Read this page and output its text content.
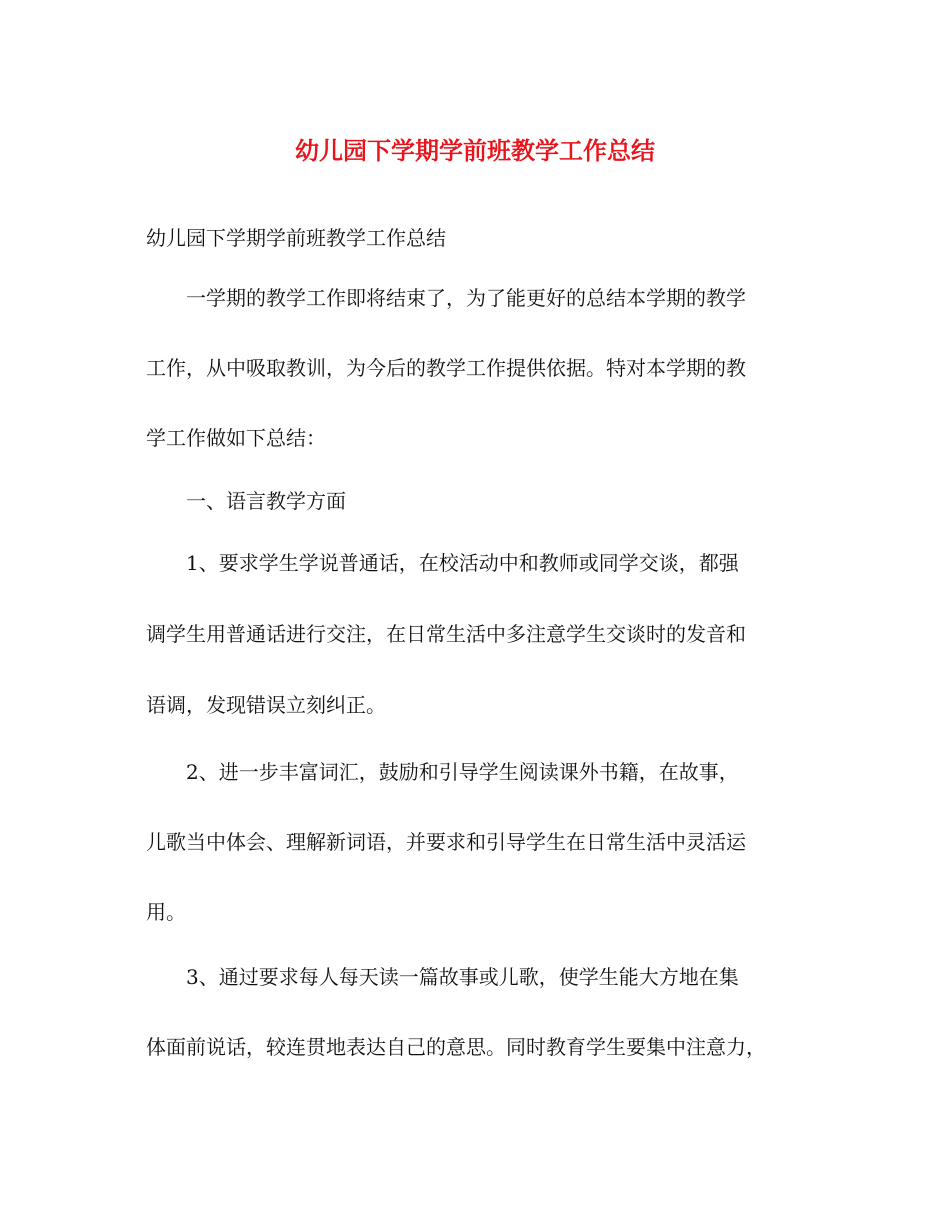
幼儿园下学期学前班教学工作总结

幼儿园下学期学前班教学工作总结

一学期的教学工作即将结束了，为了能更好的总结本学期的教学

工作，从中吸取教训，为今后的教学工作提供依据。特对本学期的教

学工作做如下总结：

一、语言教学方面

1、要求学生学说普通话，在校活动中和教师或同学交谈，都强

调学生用普通话进行交注，在日常生活中多注意学生交谈时的发音和

语调，发现错误立刻纠正。

2、进一步丰富词汇，鼓励和引导学生阅读课外书籍，在故事，

儿歌当中体会、理解新词语，并要求和引导学生在日常生活中灵活运

用。

3、通过要求每人每天读一篇故事或儿歌，使学生能大方地在集

体面前说话，较连贯地表达自己的意思。同时教育学生要集中注意力，
